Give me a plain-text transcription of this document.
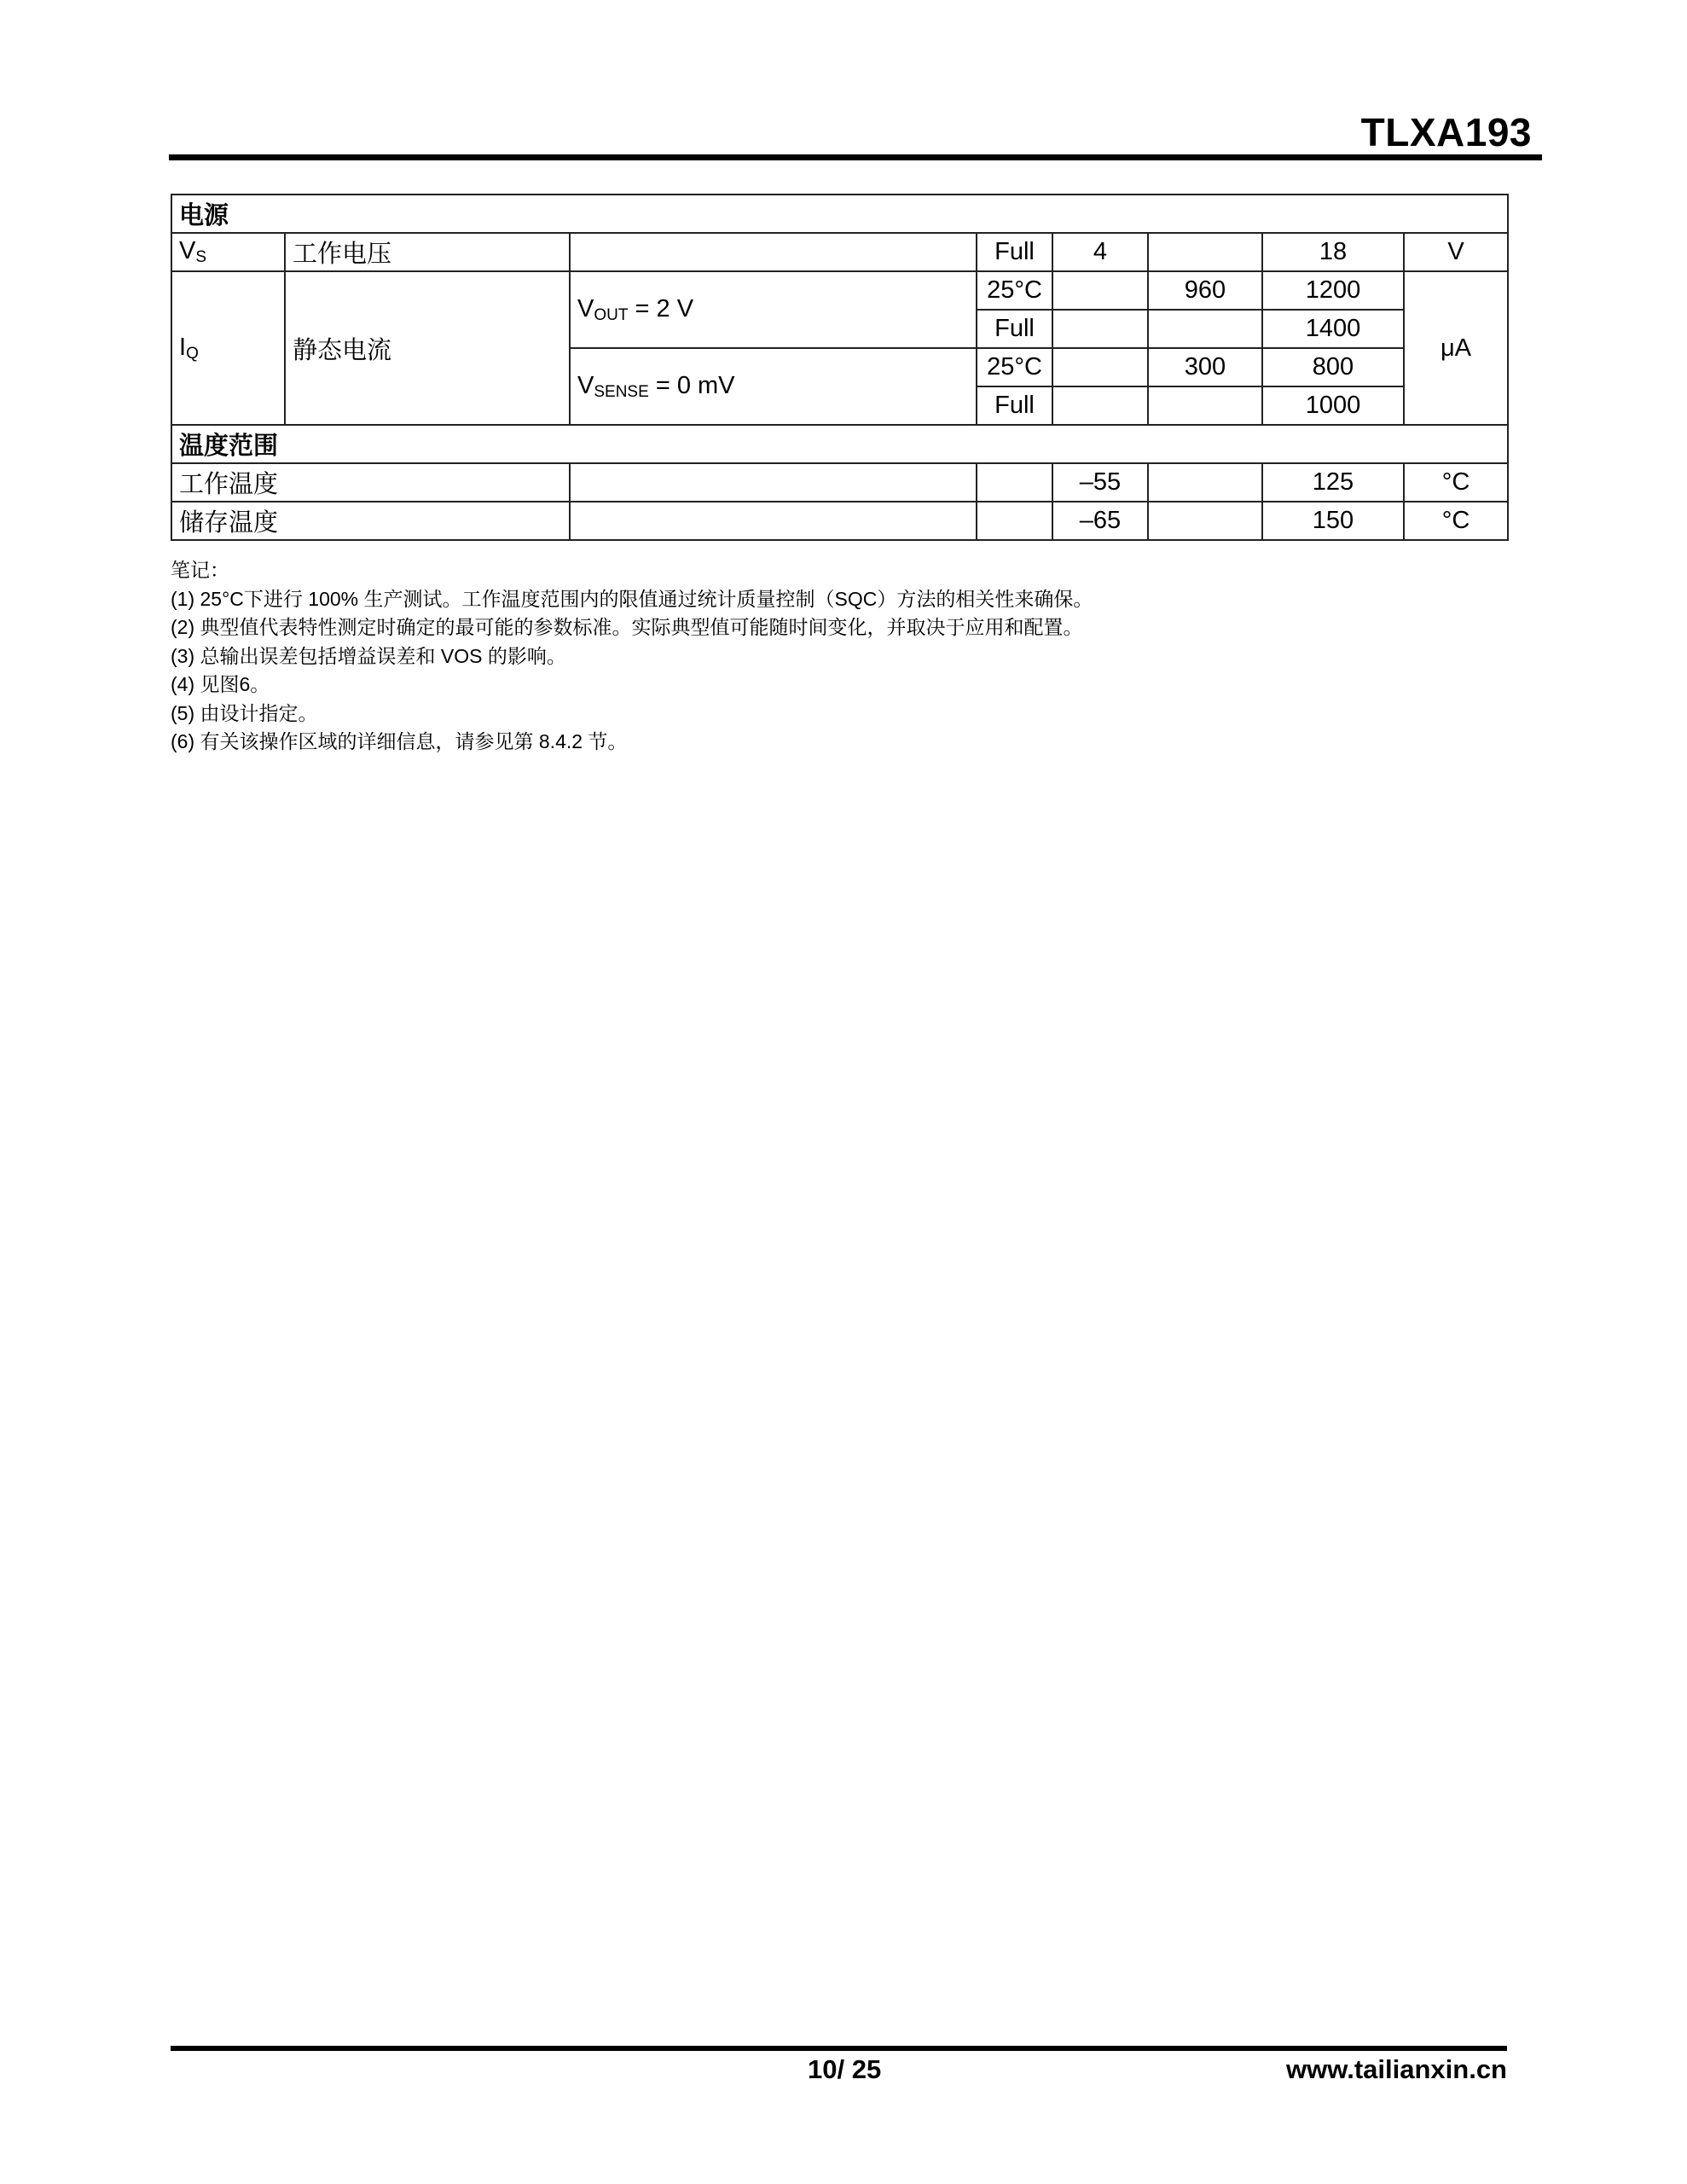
TLXA193
电源							
$V_S$	工作电压		Full	4		18	V
$I_Q$	静态电流	$V_{OUT} = 2$ V	25°C		960	1200	μA
			Full			1400	
		$V_{SENSE} = 0$ mV	25°C		300	800	
			Full			1000	
温度范围							
工作温度				–55		125	°C
储存温度				–65		150	°C
笔记：
(1) 25°C下进行 100% 生产测试。工作温度范围内的限值通过统计质量控制（SQC）方法的相关性来确保。
(2) 典型值代表特性测定时确定的最可能的参数标准。实际典型值可能随时间变化，并取决于应用和配置。
(3) 总输出误差包括增益误差和 VOS 的影响。
(4) 见图6。
(5) 由设计指定。
(6) 有关该操作区域的详细信息，请参见第 8.4.2 节。
10/ 25	www.tailianxin.cn
